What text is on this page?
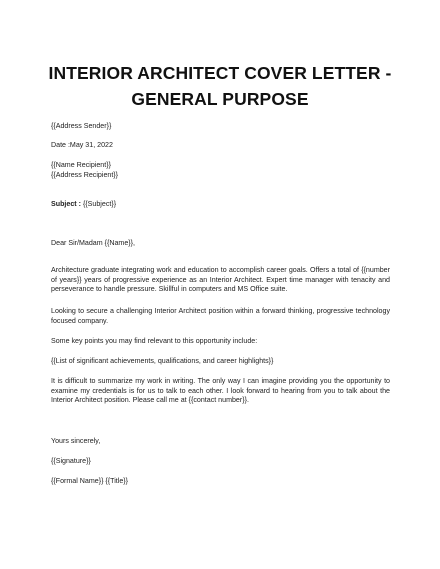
INTERIOR ARCHITECT COVER LETTER -
GENERAL PURPOSE
{{Address Sender}}
Date :May 31, 2022
{{Name Recipient}}
{{Address Recipient}}
Subject : {{Subject}}
Dear Sir/Madam {{Name}},

Architecture graduate integrating work and education to accomplish career goals. Offers a total of {{number of years}} years of progressive experience as an Interior Architect. Expert time manager with tenacity and perseverance to handle pressure. Skillful in computers and MS Office suite.

Looking to secure a challenging Interior Architect position within a forward thinking, progressive technology focused company.

Some key points you may find relevant to this opportunity include:

{{List of significant achievements, qualifications, and career highlights}}

It is difficult to summarize my work in writing. The only way I can imagine providing you the opportunity to examine my credentials is for us to talk to each other. I look forward to hearing from you to talk about the Interior Architect position. Please call me at {{contact number}}.

Yours sincerely,
{{Signature}}
{{Formal Name}} {{Title}}
